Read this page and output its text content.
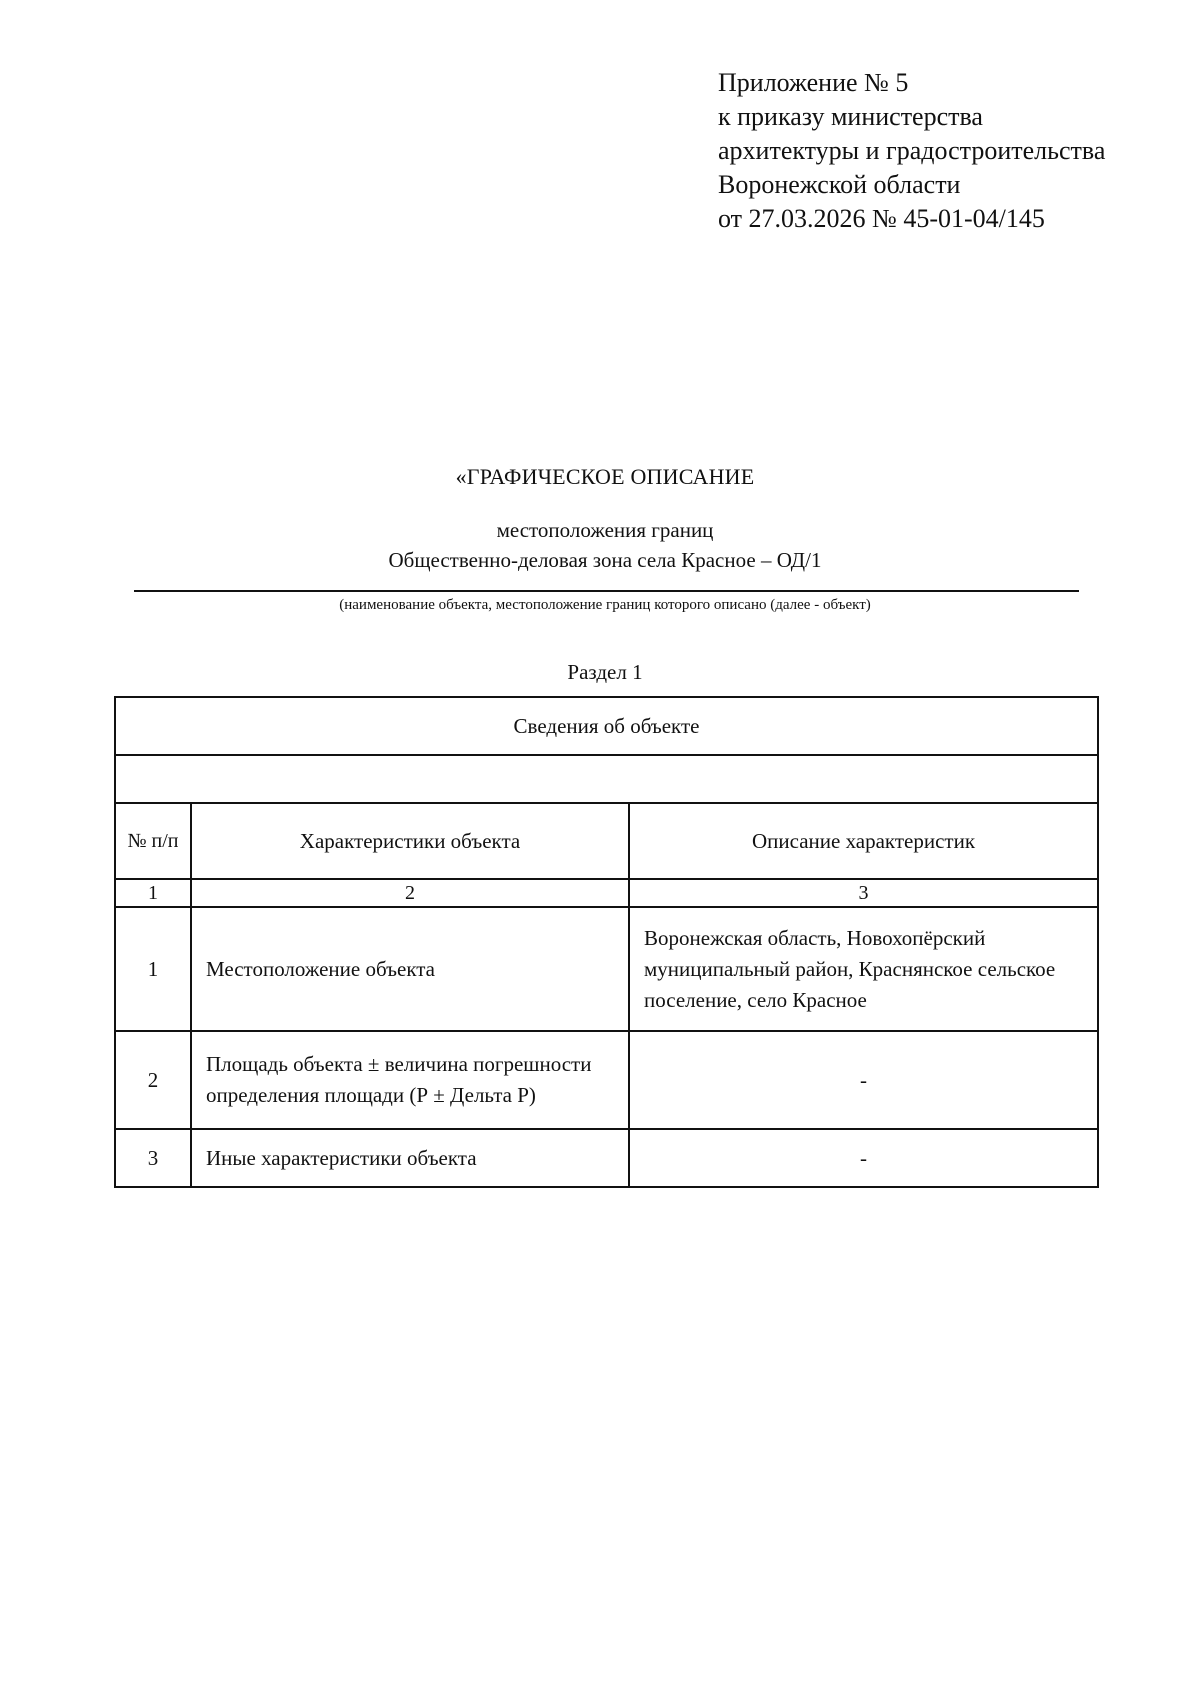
Приложение № 5
к приказу министерства
архитектуры и градостроительства
Воронежской области
от 27.03.2026 № 45-01-04/145
«ГРАФИЧЕСКОЕ ОПИСАНИЕ
местоположения границ
Общественно-деловая зона села Красное – ОД/1
(наименование объекта, местоположение границ которого описано (далее - объект)
Раздел 1
Сведения об объекте		

№ п/п	Характеристики объекта	Описание характеристик
1	2	3
1	Местоположение объекта	Воронежская область, Новохопёрский муниципальный район, Краснянское сельское поселение, село Красное
2	Площадь объекта ± величина погрешности определения площади (Р ± Дельта Р)	-
3	Иные характеристики объекта	-
